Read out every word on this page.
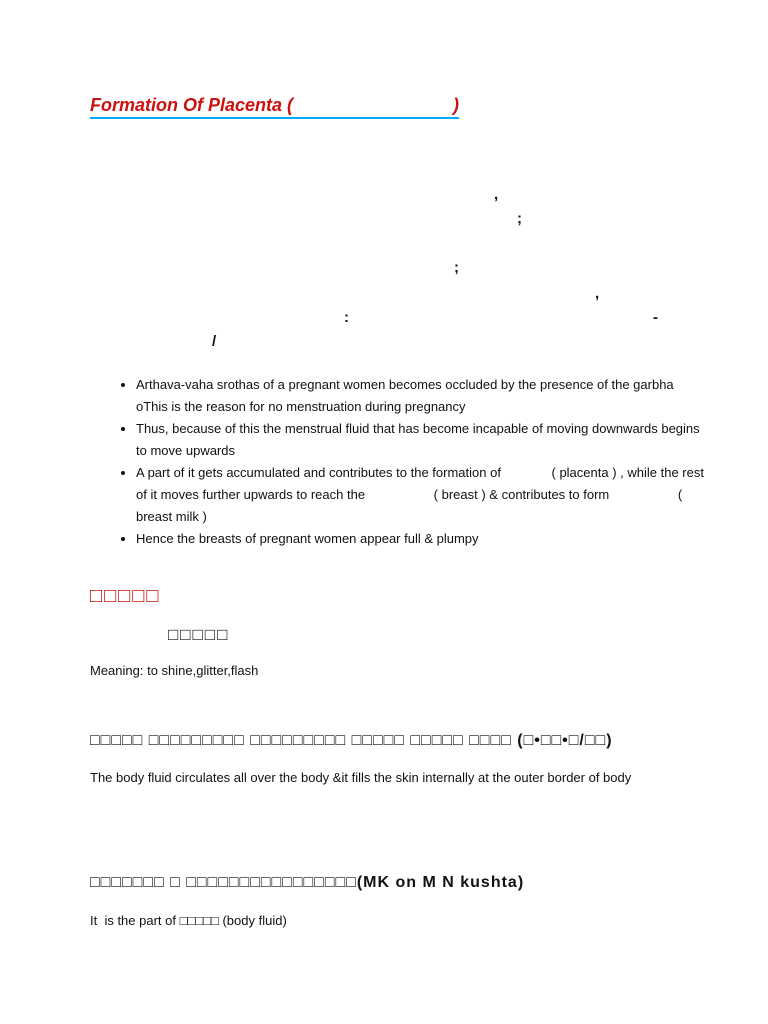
Formation Of Placenta (                                )
,
;
;
,
:	-
/
• Arthava-vaha srothas of a pregnant women becomes occluded by the presence of the garbha oThis is the reason for no menstruation during pregnancy
• Thus, because of this the menstrual fluid that has become incapable of moving downwards begins to move upwards
• A part of it gets accumulated and contributes to the formation of              ( placenta ) , while the rest of it moves further upwards to reach the                   ( breast ) & contributes to form                   ( breast milk )
• Hence the breasts of pregnant women appear full & plumpy
□□□□□
□□□□□
Meaning: to shine,glitter,flash
□□□□□ □□□□□□□□□ □□□□□□□□□ □□□□□ □□□□□ □□□□ (□•□□•□/□□)
The body fluid circulates all over the body &it fills the skin internally at the outer border of body
□□□□□□□ □ □□□□□□□□□□□□□□□□(MK on M N kushta)
It  is the part of □□□□□ (body fluid)
